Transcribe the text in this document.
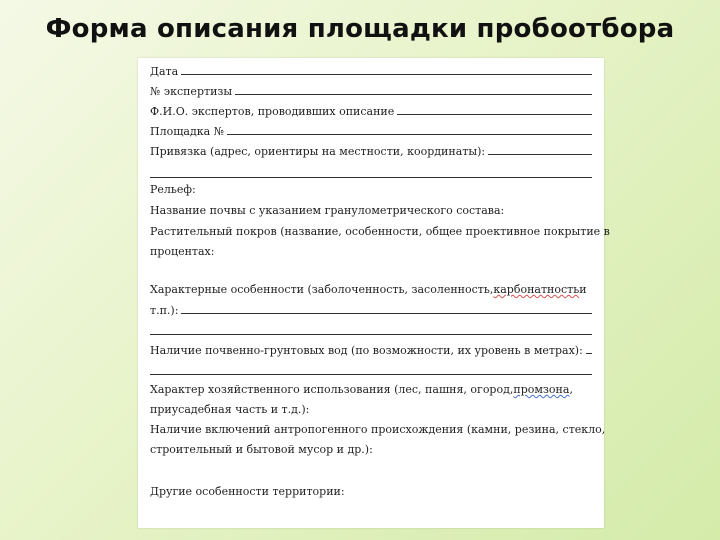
Форма описания площадки пробоотбора
Дата
№ экспертизы
Ф.И.О. экспертов, проводивших описание
Площадка №
Привязка (адрес, ориентиры на местности, координаты):
Рельеф:
Название почвы с указанием гранулометрического состава:
Растительный покров (название, особенности, общее проективное покрытие в
процентах:
Характерные особенности (заболоченность, засоленность, карбонатность и
т.п.):
Наличие почвенно-грунтовых вод (по возможности, их уровень в метрах):
Характер хозяйственного использования (лес, пашня, огород, промзона ,
приусадебная часть и т.д.):
Наличие включений антропогенного происхождения (камни, резина, стекло,
строительный и бытовой мусор и др.):
Другие особенности территории:
